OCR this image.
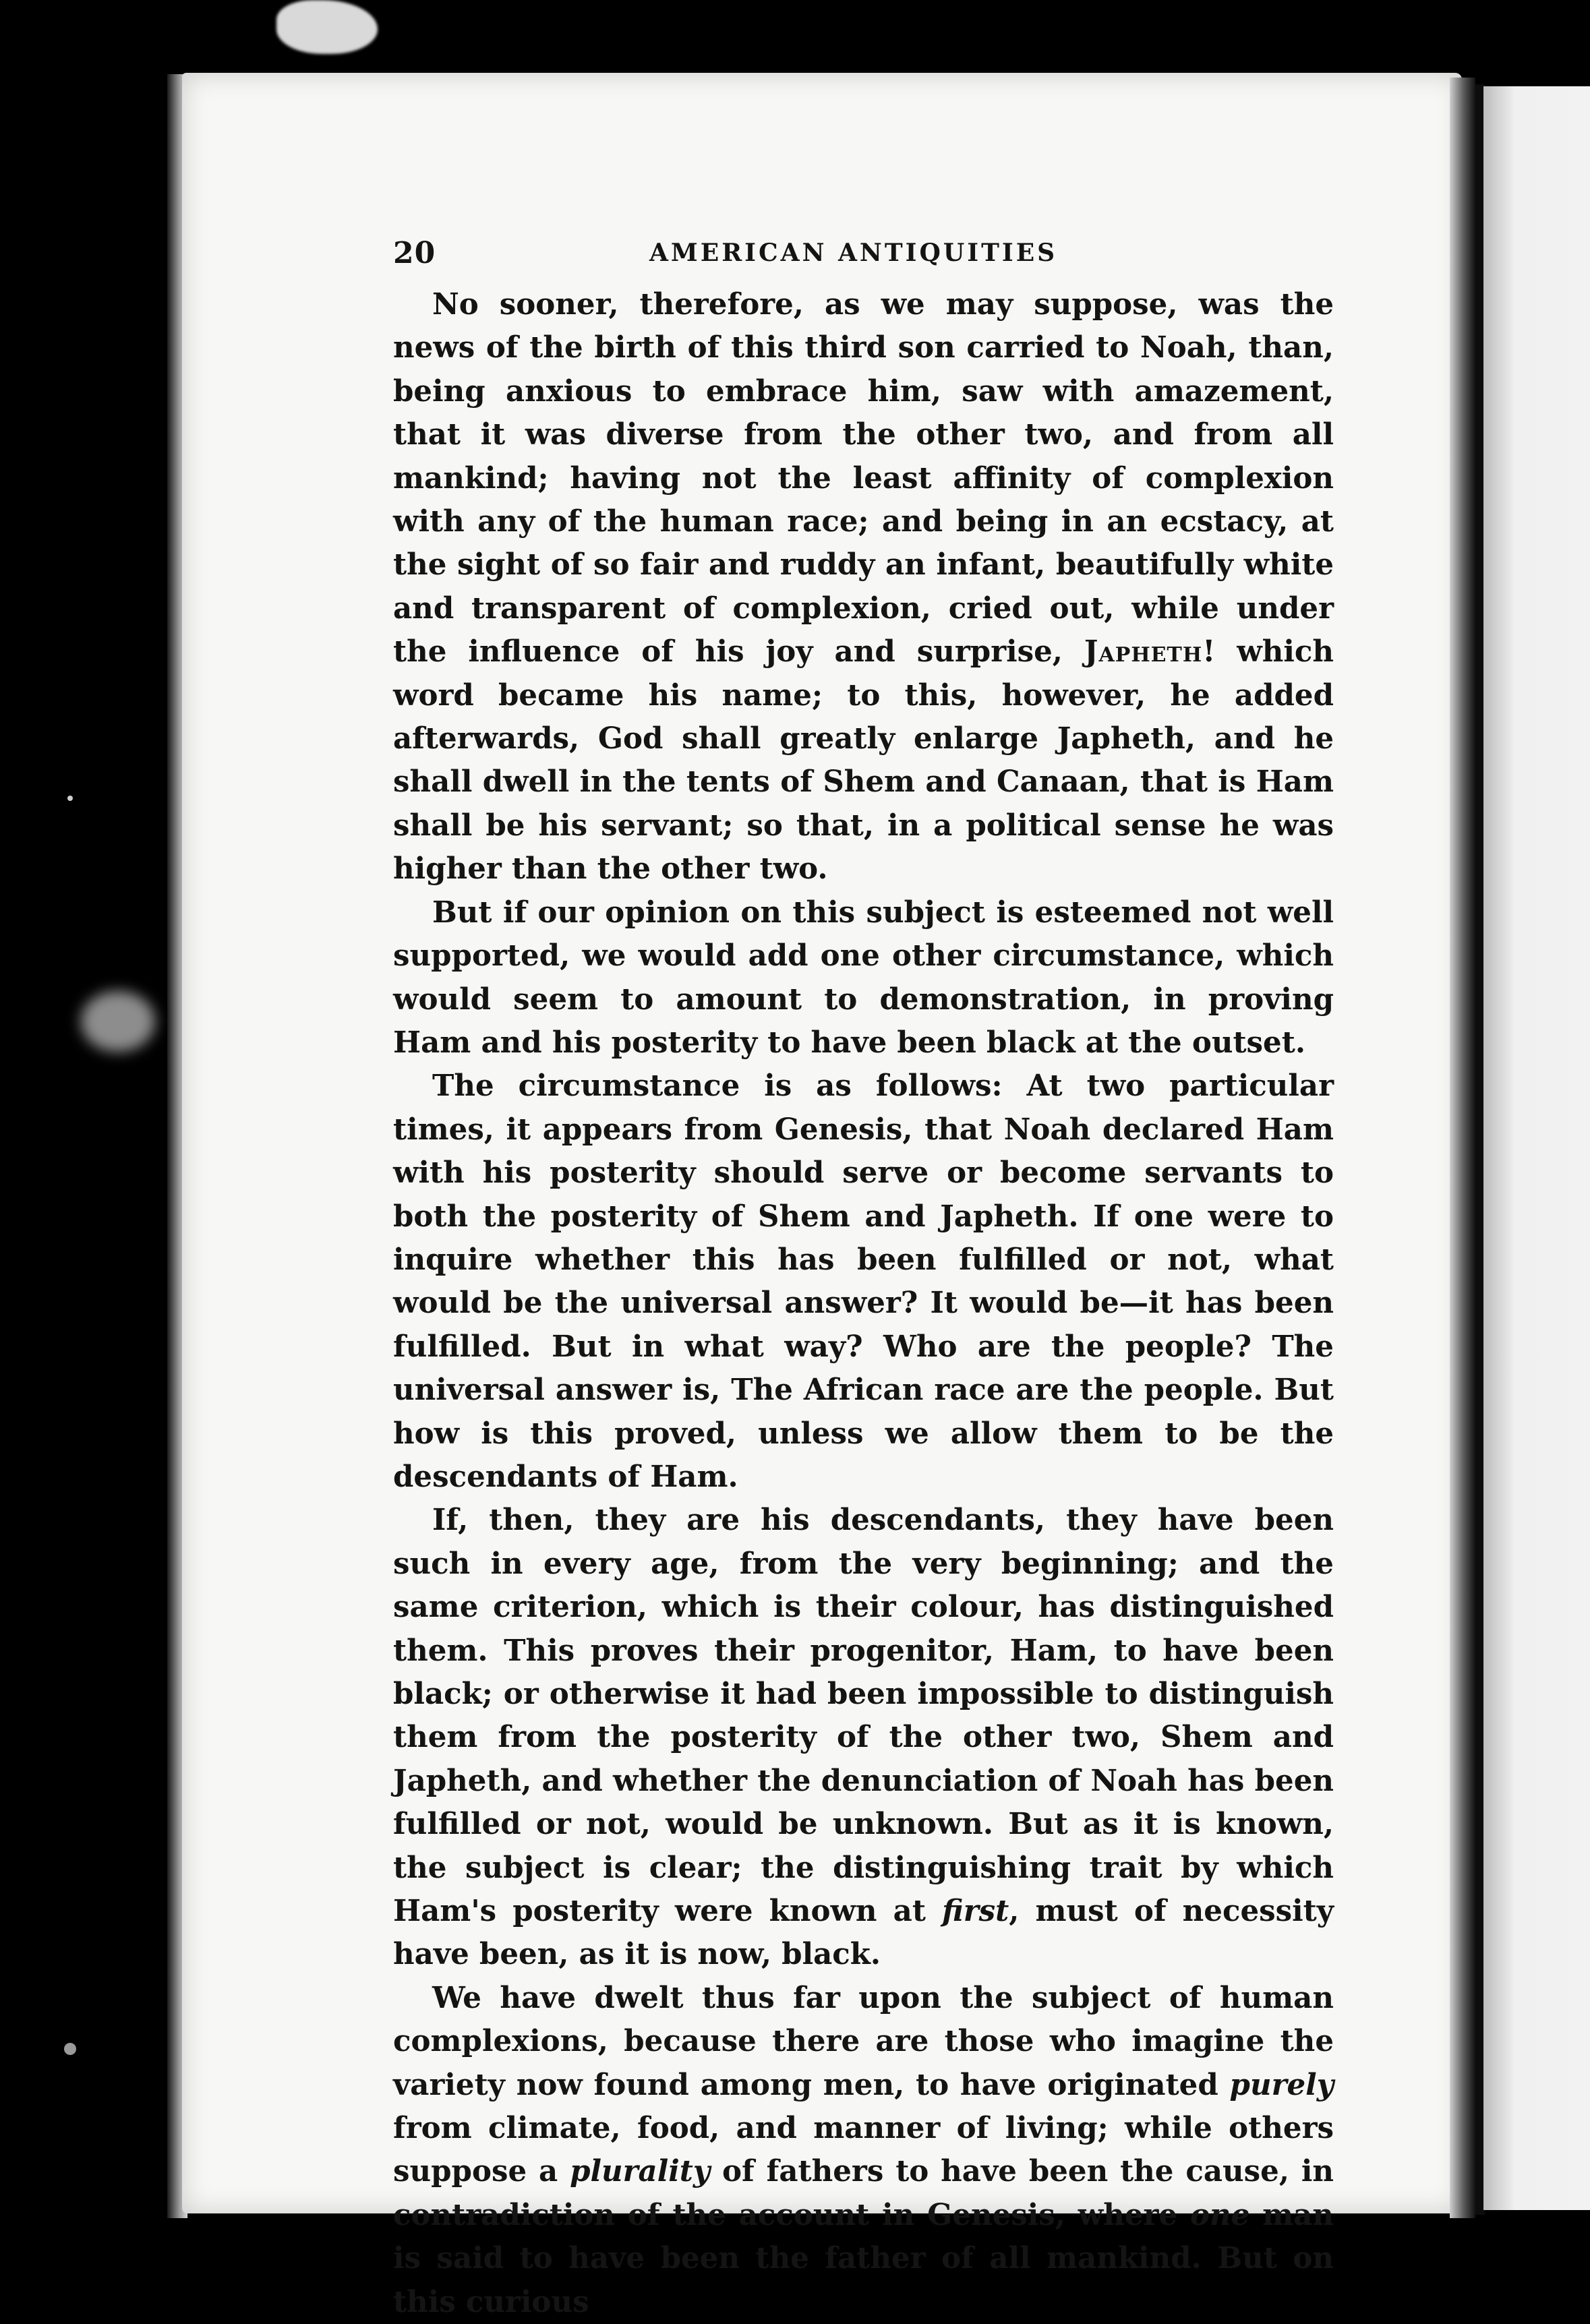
20	AMERICAN ANTIQUITIES

No sooner, therefore, as we may suppose, was the news of the birth of this third son carried to Noah, than, being anxious to embrace him, saw with amazement, that it was diverse from the other two, and from all mankind; having not the least affinity of complexion with any of the human race; and being in an ecstacy, at the sight of so fair and ruddy an infant, beautifully white and transparent of complexion, cried out, while under the influence of his joy and surprise, Japheth! which word became his name; to this, however, he added afterwards, God shall greatly enlarge Japheth, and he shall dwell in the tents of Shem and Canaan, that is Ham shall be his servant; so that, in a political sense he was higher than the other two.

But if our opinion on this subject is esteemed not well supported, we would add one other circumstance, which would seem to amount to demonstration, in proving Ham and his posterity to have been black at the outset.

The circumstance is as follows: At two particular times, it appears from Genesis, that Noah declared Ham with his posterity should serve or become servants to both the posterity of Shem and Japheth. If one were to inquire whether this has been fulfilled or not, what would be the universal answer? It would be—it has been fulfilled. But in what way? Who are the people? The universal answer is, The African race are the people. But how is this proved, unless we allow them to be the descendants of Ham.

If, then, they are his descendants, they have been such in every age, from the very beginning; and the same criterion, which is their colour, has distinguished them. This proves their progenitor, Ham, to have been black; or otherwise it had been impossible to distinguish them from the posterity of the other two, Shem and Japheth, and whether the denunciation of Noah has been fulfilled or not, would be unknown. But as it is known, the subject is clear; the distinguishing trait by which Ham's posterity were known at first, must of necessity have been, as it is now, black.

We have dwelt thus far upon the subject of human complexions, because there are those who imagine the variety now found among men, to have originated purely from climate, food, and manner of living; while others suppose a plurality of fathers to have been the cause, in contradiction of the account in Genesis, where one man is said to have been the father of all mankind. But on this curious
